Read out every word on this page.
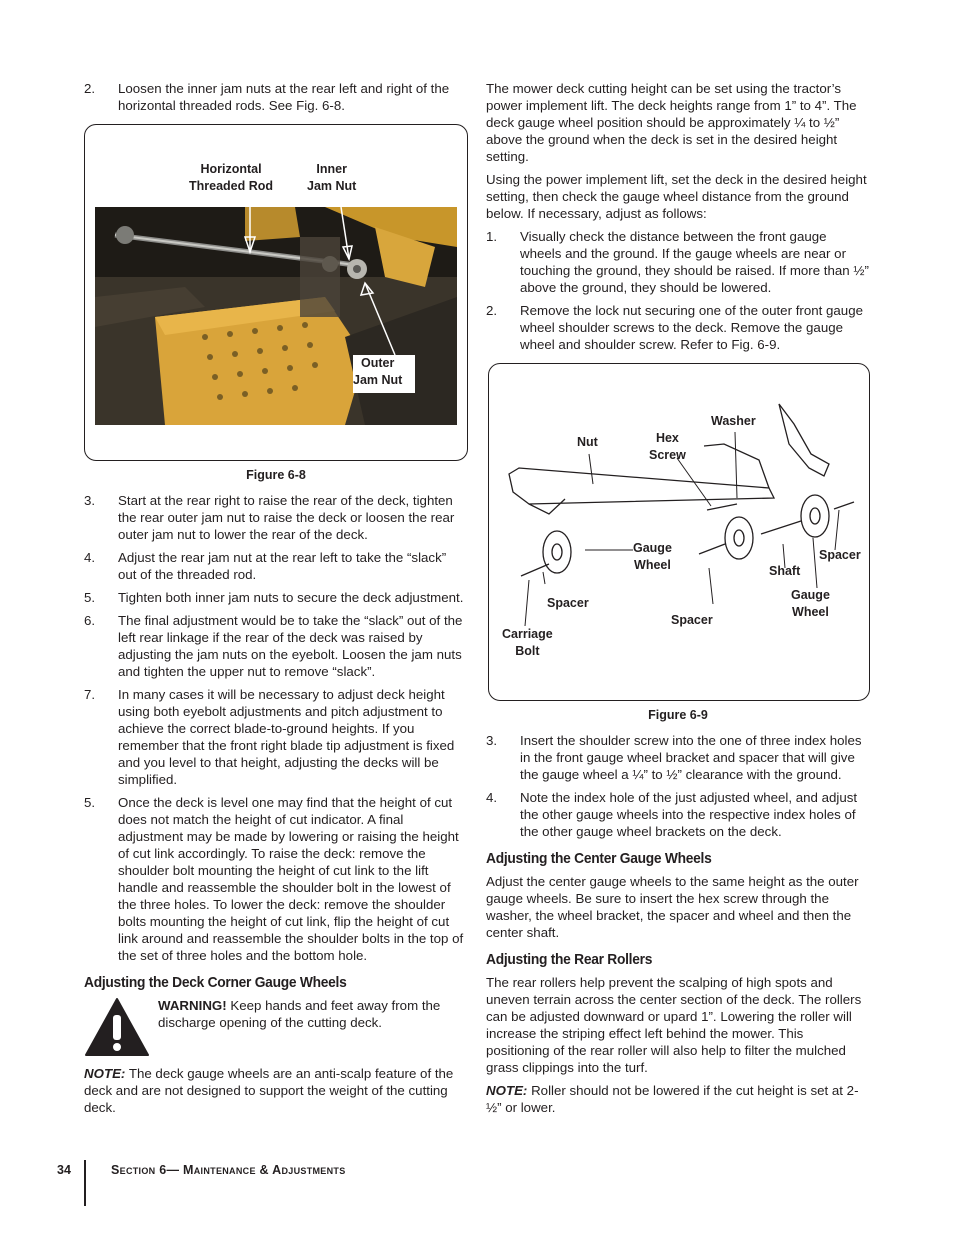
2. Loosen the inner jam nuts at the rear left and right of the horizontal threaded rods. See Fig. 6-8.
Horizontal
Threaded Rod
Inner
Jam Nut
Outer
Jam Nut
Figure 6-8
3. Start at the rear right to raise the rear of the deck, tighten the rear outer jam nut to raise the deck or loosen the rear outer jam nut to lower the rear of the deck.
4. Adjust the rear jam nut at the rear left to take the “slack” out of the threaded rod.
5. Tighten both inner jam nuts to secure the deck adjustment.
6. The final adjustment would be to take the “slack” out of the left rear linkage if the rear of the deck was raised by adjusting the jam nuts on the eyebolt. Loosen the jam nuts and tighten the upper nut to remove “slack”.
7. In many cases it will be necessary to adjust deck height using both eyebolt adjustments and pitch adjustment to achieve the correct blade-to-ground heights. If you remember that the front right blade tip adjustment is fixed and you level to that height, adjusting the decks will be simplified.
5. Once the deck is level one may find that the height of cut does not match the height of cut indicator. A final adjustment may be made by lowering or raising the height of cut link accordingly. To raise the deck: remove the shoulder bolt mounting the height of cut link to the lift handle and reassemble the shoulder bolt in the lowest of the three holes. To lower the deck: remove the shoulder bolts mounting the height of cut link, flip the height of cut link around and reassemble the shoulder bolts in the top of the set of three holes and the bottom hole.
Adjusting the Deck Corner Gauge Wheels
WARNING! Keep hands and feet away from the discharge opening of the cutting deck.

NOTE: The deck gauge wheels are an anti-scalp feature of the deck and are not designed to support the weight of the cutting deck.

The mower deck cutting height can be set using the tractor’s power implement lift. The deck heights range from 1” to 4”. The deck gauge wheel position should be approximately ¼ to ½” above the ground when the deck is set in the desired height setting.

Using the power implement lift, set the deck in the desired height setting, then check the gauge wheel distance from the ground below. If necessary, adjust as follows:

1. Visually check the distance between the front gauge wheels and the ground. If the gauge wheels are near or touching the ground, they should be raised. If more than ½” above the ground, they should be lowered.
2. Remove the lock nut securing one of the outer front gauge wheel shoulder screws to the deck. Remove the gauge wheel and shoulder screw. Refer to Fig. 6-9.
Nut	Hex
Screw
Washer
Gauge
Wheel
Spacer
Shaft
Gauge
Wheel
Spacer
Spacer
Carriage
Bolt
Figure 6-9
3. Insert the shoulder screw into the one of three index holes in the front gauge wheel bracket and spacer that will give the gauge wheel a ¼” to ½” clearance with the ground.
4. Note the index hole of the just adjusted wheel, and adjust the other gauge wheels into the respective index holes of the other gauge wheel brackets on the deck.
Adjusting the Center Gauge Wheels

Adjust the center gauge wheels to the same height as the outer gauge wheels. Be sure to insert the hex screw through the washer, the wheel bracket, the spacer and wheel and then the center shaft.

Adjusting the Rear Rollers

The rear rollers help prevent the scalping of high spots and uneven terrain across the center section of the deck. The rollers can be adjusted downward or upard 1”. Lowering the roller will increase the striping effect left behind the mower. This positioning of the rear roller will also help to filter the mulched grass clippings into the turf.

NOTE: Roller should not be lowered if the cut height is set at 2-½” or lower.

34	Section 6— Maintenance & Adjustments
